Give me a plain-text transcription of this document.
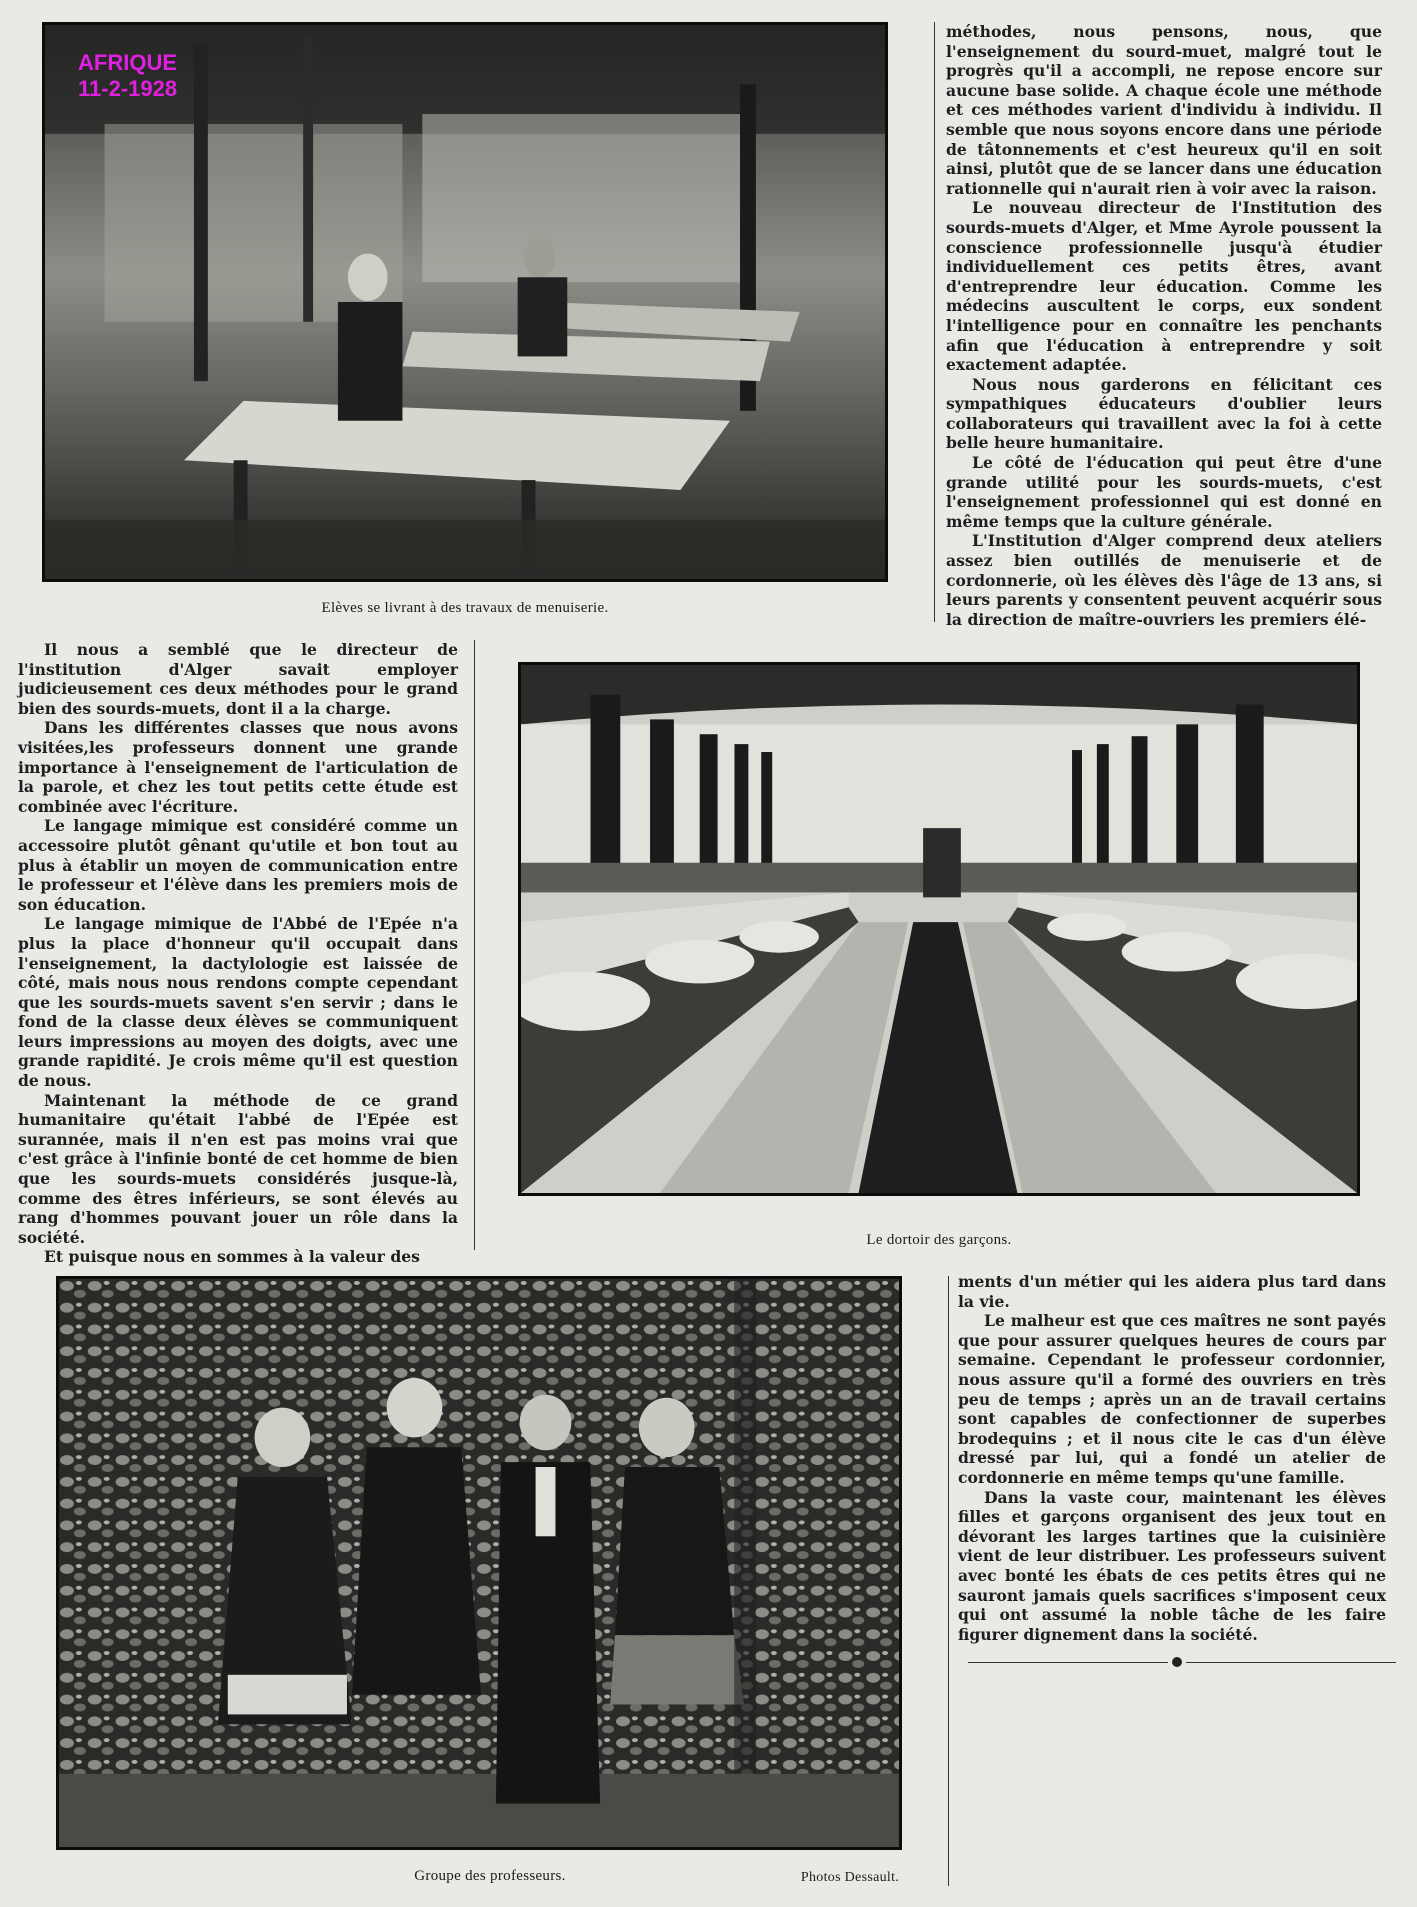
AFRIQUE
11-2-1928
Elèves se livrant à des travaux de menuiserie.

méthodes, nous pensons, nous, que l'enseignement du sourd-muet, malgré tout le progrès qu'il a accompli, ne repose encore sur aucune base solide. A chaque école une méthode et ces méthodes varient d'individu à individu. Il semble que nous soyons encore dans une période de tâtonnements et c'est heureux qu'il en soit ainsi, plutôt que de se lancer dans une éducation rationnelle qui n'aurait rien à voir avec la raison.

Le nouveau directeur de l'Institution des sourds-muets d'Alger, et Mme Ayrole poussent la conscience professionnelle jusqu'à étudier individuellement ces petits êtres, avant d'entreprendre leur éducation. Comme les médecins auscultent le corps, eux sondent l'intelligence pour en connaître les penchants afin que l'éducation à entreprendre y soit exactement adaptée.

Nous nous garderons en félicitant ces sympathiques éducateurs d'oublier leurs collaborateurs qui travaillent avec la foi à cette belle heure humanitaire.

Le côté de l'éducation qui peut être d'une grande utilité pour les sourds-muets, c'est l'enseignement professionnel qui est donné en même temps que la culture générale.

L'Institution d'Alger comprend deux ateliers assez bien outillés de menuiserie et de cordonnerie, où les élèves dès l'âge de 13 ans, si leurs parents y consentent peuvent acquérir sous la direction de maître-ouvriers les premiers élé-

Il nous a semblé que le directeur de l'institution d'Alger savait employer judicieusement ces deux méthodes pour le grand bien des sourds-muets, dont il a la charge.

Dans les différentes classes que nous avons visitées,les professeurs donnent une grande importance à l'enseignement de l'articulation de la parole, et chez les tout petits cette étude est combinée avec l'écriture.

Le langage mimique est considéré comme un accessoire plutôt gênant qu'utile et bon tout au plus à établir un moyen de communication entre le professeur et l'élève dans les premiers mois de son éducation.

Le langage mimique de l'Abbé de l'Epée n'a plus la place d'honneur qu'il occupait dans l'enseignement, la dactylologie est laissée de côté, mais nous nous rendons compte cependant que les sourds-muets savent s'en servir ; dans le fond de la classe deux élèves se communiquent leurs impressions au moyen des doigts, avec une grande rapidité. Je crois même qu'il est question de nous.

Maintenant la méthode de ce grand humanitaire qu'était l'abbé de l'Epée est surannée, mais il n'en est pas moins vrai que c'est grâce à l'infinie bonté de cet homme de bien que les sourds-muets considérés jusque-là, comme des êtres inférieurs, se sont élevés au rang d'hommes pouvant jouer un rôle dans la société.

Et puisque nous en sommes à la valeur des

Le dortoir des garçons.
Groupe des professeurs.	Photos Dessault.

ments d'un métier qui les aidera plus tard dans la vie.

Le malheur est que ces maîtres ne sont payés que pour assurer quelques heures de cours par semaine. Cependant le professeur cordonnier, nous assure qu'il a formé des ouvriers en très peu de temps ; après un an de travail certains sont capables de confectionner de superbes brodequins ; et il nous cite le cas d'un élève dressé par lui, qui a fondé un atelier de cordonnerie en même temps qu'une famille.

Dans la vaste cour, maintenant les élèves filles et garçons organisent des jeux tout en dévorant les larges tartines que la cuisinière vient de leur distribuer. Les professeurs suivent avec bonté les ébats de ces petits êtres qui ne sauront jamais quels sacrifices s'imposent ceux qui ont assumé la noble tâche de les faire figurer dignement dans la société.
